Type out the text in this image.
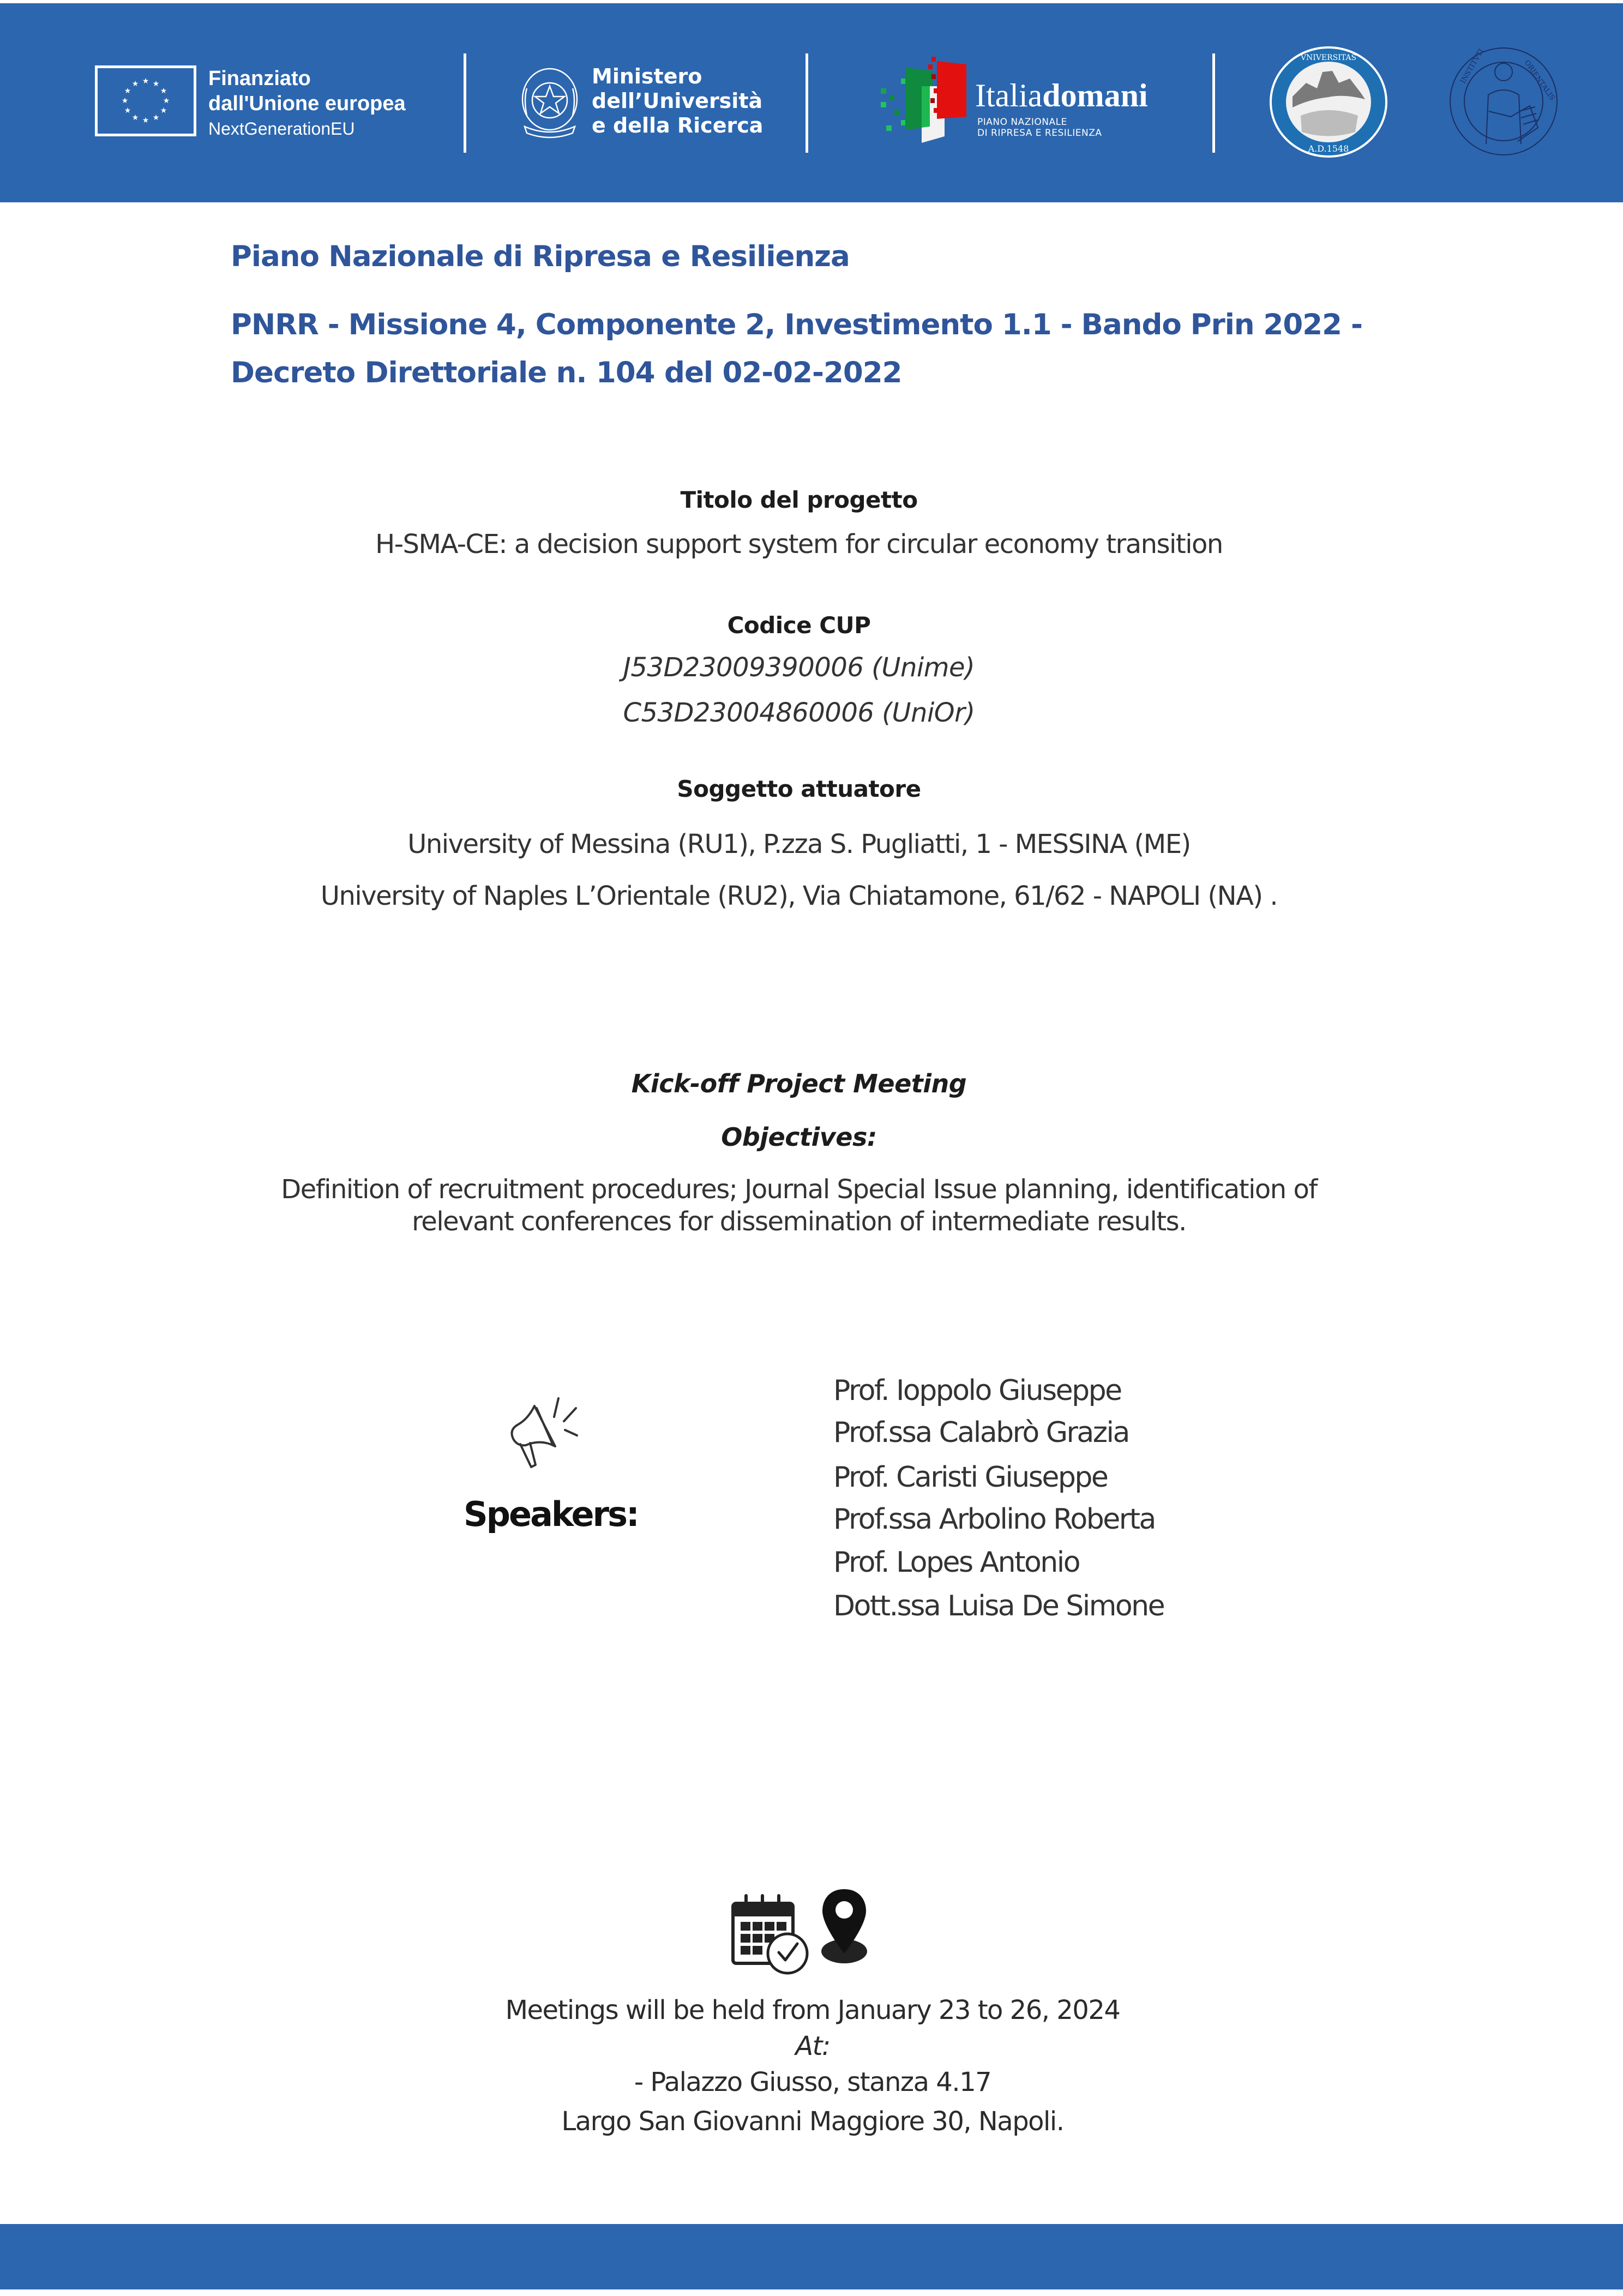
★ ★
★
★
★
★
★
★
★
★
★
★	Finanziato
dall'Unione europea
NextGenerationEU
Ministero
dell’Università
e della Ricerca
Italiadomani
PIANO NAZIONALE
DI RIPRESA E RESILIENZA
A.D.1548
VNIVERSITAS	INSTITVTI	ORIENTALIS
Piano Nazionale di Ripresa e Resilienza
PNRR - Missione 4, Componente 2, Investimento 1.1 - Bando Prin 2022 -
Decreto Direttoriale n. 104 del 02-02-2022
Titolo del progetto
H-SMA-CE: a decision support system for circular economy transition
Codice CUP
J53D23009390006 (Unime)
C53D23004860006 (UniOr)
Soggetto attuatore
University of Messina (RU1), P.zza S. Pugliatti, 1 - MESSINA (ME)
University of Naples L’Orientale (RU2), Via Chiatamone, 61/62 - NAPOLI (NA) .
Kick-off Project Meeting
Objectives:
Definition of recruitment procedures; Journal Special Issue planning, identification of
relevant conferences for dissemination of intermediate results.
Speakers:
Prof. Ioppolo Giuseppe
Prof.ssa Calabrò Grazia
Prof. Caristi Giuseppe
Prof.ssa Arbolino Roberta
Prof. Lopes Antonio
Dott.ssa Luisa De Simone
Meetings will be held from January 23 to 26, 2024
At:
- Palazzo Giusso, stanza 4.17
Largo San Giovanni Maggiore 30, Napoli.
